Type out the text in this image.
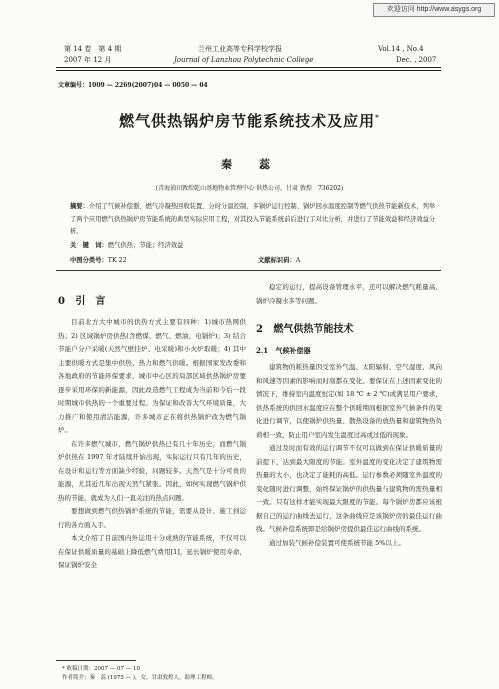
欢迎访问 http://www.asygs.org
第 14 卷　第 4 期
2007 年 12 月
兰州工业高等专科学校学报
Journal of Lanzhou Polytechnic College
Vol.14 , No.4
Dec. , 2007
文章编号：1009 — 2269(2007)04 — 0050 — 04
燃气供热锅炉房节能系统技术及应用*
秦　蕊
(青海油田敦煌乾山基地物业管理中心 供热公司，甘肃 敦煌　736202)
摘要：介绍了气候补偿器、燃气冷凝热回收装置、分时分温控制、多锅炉运行控制、锅炉回水温度控制等燃气供热节能新技术，列举了两个应用燃气供热锅炉房节能系统的典型实际应用工程，对其投入节能系统前后进行了对比分析，并进行了节能效益和经济效益分析。
关　键　词：燃气供热；节能；经济效益
中图分类号：TK 22	文献标识码：A
0 引　言

目前北方大中城市的供热方式主要有四种：1)城市热网供热；2) 区域锅炉房供热(含燃煤、燃气、燃油、电锅炉)；3) 结合节能户分户采暖(天然气壁挂炉、电采暖)和小火炉取暖；4) 其中主要供暖方式是集中供热、热力和燃气供暖。根据国家发改委和各地政府的节能环保要求，城市中心区的局部区域供热锅炉房要逐步采用环保的新能源，因此改造燃气工程成为当前和今后一段时期城市供热的一个重要过程。为保证和改善大气环境质量，大力推广和使用清洁能源，许多城市正在将供热锅炉改为燃气锅炉。

在许多燃气城市，燃气锅炉供热已有几十年历史，而燃气锅炉供热在 1997 年才陆续开始出现，实际运行只有几年的历史，在设计和运行等方面缺少经验，问题较多。天然气是十分可贵的能源，尤其近几年出现天然气紧张。因此，如何实现燃气锅炉供热的节能，就成为人们一直关注的热点问题。

要想做到燃气供热锅炉系统的节能，需要从设计、施工到运行的各方面入手。

本文介绍了目前国内外运用十分成熟的节能系统，不仅可以在保证供暖质量的基础上降低燃气费用[1]，延长锅炉使用寿命，保证锅炉安全

稳定的运行，提高设备管理水平，还可以解决燃气耗量高、锅炉冷凝水多等问题。

2 燃气供热节能技术
2.1 气候补偿器

建筑物的耗热量因受室外气温、太阳辐射、空气湿度、风向和风速等因素的影响而时刻都在变化。要保证在上述因素变化的情况下，维持室内温度恒定(如 18 ℃ ± 2 ℃)或满足用户要求，供热系统的供回水温度应在整个供暖期间根据室外气候条件的变化进行调节，以使锅炉供热量、散热设备的放热量和建筑物热负荷相一致，防止用户室内发生温度过高或过低的现象。

通过及时而有效的运行调节不仅可以做到在保证供暖质量的前提下，达到最大限度的节能。室外温度的变化决定了建筑物需热量的大小，也决定了能耗的高低。运行参数必须随室外温度的变化随时进行调整，始终保证锅炉的供热量与建筑物的需热量相一致。只有这样才能实现最大限度的节能。每个锅炉房都应该根据自己的运行曲线去运行，这条曲线应是该锅炉房的最佳运行曲线。气候补偿系统即是给锅炉房提供最佳运行曲线的系统。

通过加装气候补偿装置可使系统节能 5%以上。

* 收稿日期：2007 — 07 — 10
作者简介：秦　蕊 (1975 — )，女，甘肃敦煌人，助理工程师。
